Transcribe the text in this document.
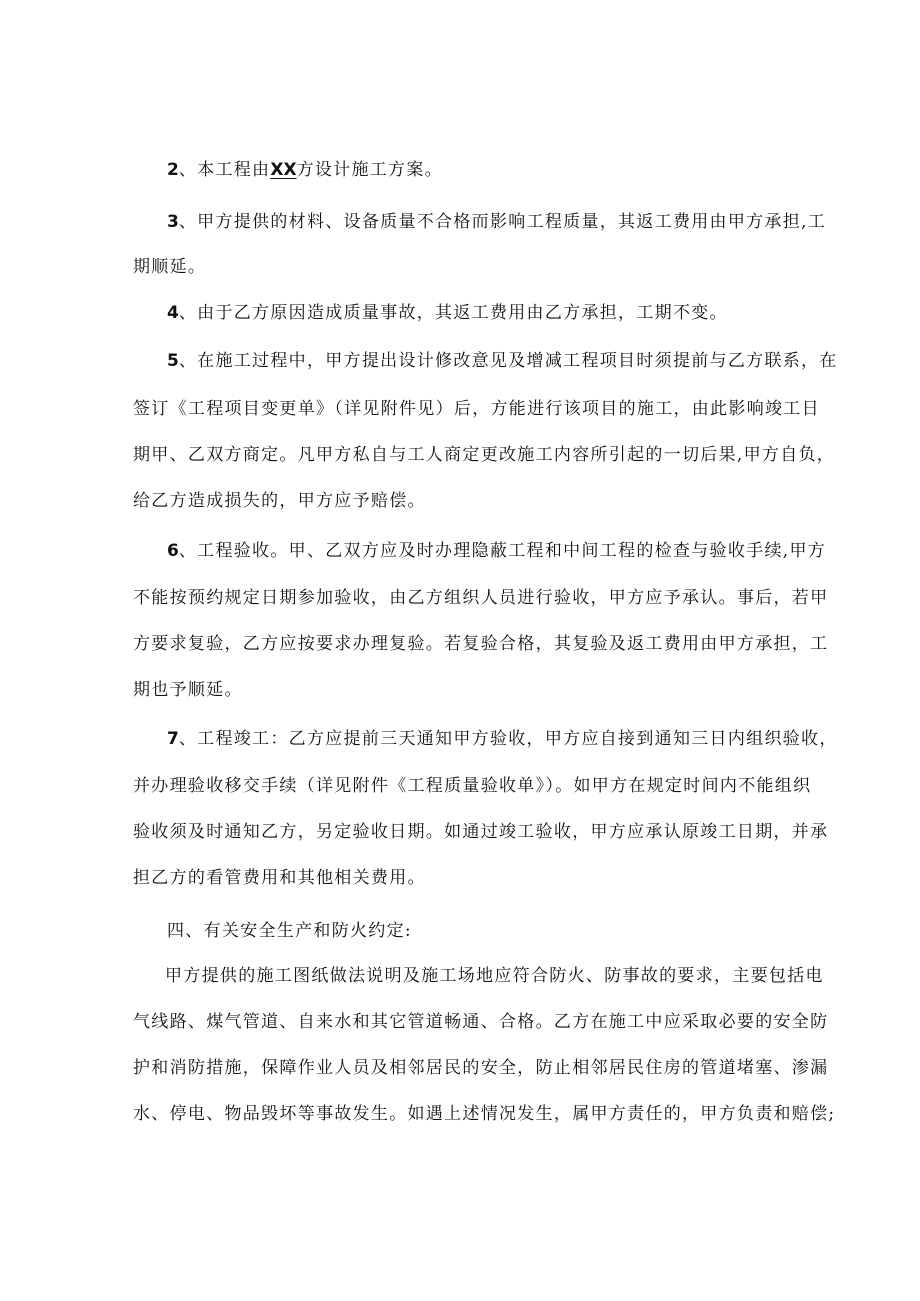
2、本工程由XX方设计施工方案。
3、甲方提供的材料、设备质量不合格而影响工程质量，其返工费用由甲方承担,工
期顺延。
4、由于乙方原因造成质量事故，其返工费用由乙方承担，工期不变。
5、在施工过程中，甲方提出设计修改意见及增减工程项目时须提前与乙方联系，在
签订《工程项目变更单》（详见附件见）后，方能进行该项目的施工，由此影响竣工日
期甲、乙双方商定。凡甲方私自与工人商定更改施工内容所引起的一切后果,甲方自负，
给乙方造成损失的，甲方应予赔偿。
6、工程验收。甲、乙双方应及时办理隐蔽工程和中间工程的检查与验收手续,甲方
不能按预约规定日期参加验收，由乙方组织人员进行验收，甲方应予承认。事后，若甲
方要求复验，乙方应按要求办理复验。若复验合格，其复验及返工费用由甲方承担，工
期也予顺延。
7、工程竣工：乙方应提前三天通知甲方验收，甲方应自接到通知三日内组织验收，
并办理验收移交手续（详见附件《工程质量验收单》）。如甲方在规定时间内不能组织
验收须及时通知乙方，另定验收日期。如通过竣工验收，甲方应承认原竣工日期，并承
担乙方的看管费用和其他相关费用。
四、有关安全生产和防火约定:
甲方提供的施工图纸做法说明及施工场地应符合防火、防事故的要求，主要包括电
气线路、煤气管道、自来水和其它管道畅通、合格。乙方在施工中应采取必要的安全防
护和消防措施，保障作业人员及相邻居民的安全，防止相邻居民住房的管道堵塞、渗漏
水、停电、物品毁坏等事故发生。如遇上述情况发生，属甲方责任的，甲方负责和赔偿;
